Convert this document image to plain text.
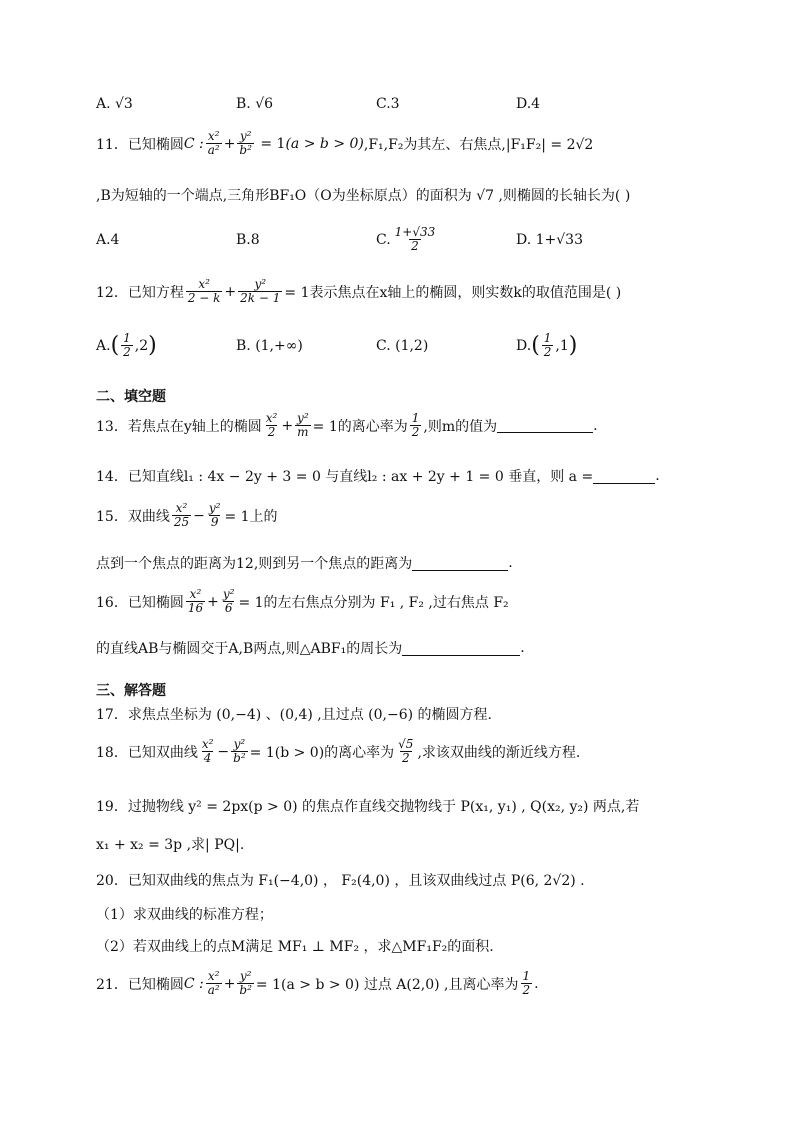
A. √3	B. √6	C.3	D.4
11．已知椭圆 C : $\frac{\text{x²}}{\text{a²}} + \frac{\text{y²}}{\text{b²}} = 1$ (a > b > 0) ,F₁,F₂为其左、右焦点,|F₁F₂| = 2√2
,B为短轴的一个端点,三角形BF₁O（O为坐标原点）的面积为 √7 ,则椭圆的长轴长为( )
A.4	B.8	C. $\frac{1+√33}{2}$	D. 1+√33
12．已知方程 $\frac{\text{x²}}{2 - k} + \frac{\text{y²}}{2k - 1} = 1$表示焦点在x轴上的椭圆，则实数k的取值范围是( )
A. ( $\frac{1}{2} ,2$ )	B. (1,+∞)	C. (1,2)	D. ( $\frac{1}{2} ,1$ )
二、填空题
13．若焦点在y轴上的椭圆 $\frac{\text{x²}}{2} + \frac{\text{y²}}{m} = 1$的离心率为 $\frac{1}{2}$ ,则m的值为	.
14．已知直线l₁ : 4x − 2y + 3 = 0 与直线l₂ : ax + 2y + 1 = 0 垂直，则 a =	.
15．双曲线 $\frac{\text{x²}}{25} - \frac{\text{y²}}{9} = 1$上的
点到一个焦点的距离为12,则到另一个焦点的距离为	.
16．已知椭圆 $\frac{\text{x²}}{16} + \frac{\text{y²}}{6} = 1$的左右焦点分别为 F₁ , F₂ ,过右焦点 F₂
的直线AB与椭圆交于A,B两点,则△ABF₁的周长为	.
三、解答题
17．求焦点坐标为 (0,−4) 、(0,4) ,且过点 (0,−6) 的椭圆方程.
18．已知双曲线 $\frac{\text{x²}}{4} - \frac{\text{y²}}{\text{b²}} = 1(b > 0)$的离心率为 $\frac{√5}{2}$ ,求该双曲线的渐近线方程.
19．过抛物线 y² = 2px(p > 0) 的焦点作直线交抛物线于 P(x₁, y₁) , Q(x₂, y₂) 两点,若
x₁ + x₂ = 3p ,求| PQ|.
20．已知双曲线的焦点为 F₁(−4,0) ， F₂(4,0) ，且该双曲线过点 P(6, 2√2) .
（1）求双曲线的标准方程；
（2）若双曲线上的点M满足 MF₁ ⊥ MF₂ ，求△MF₁F₂的面积.
21．已知椭圆 C : $\frac{\text{x²}}{\text{a²}} + \frac{\text{y²}}{\text{b²}} = 1(a > b > 0)$ 过点 A(2,0) ,且离心率为 $\frac{1}{2}$ .
